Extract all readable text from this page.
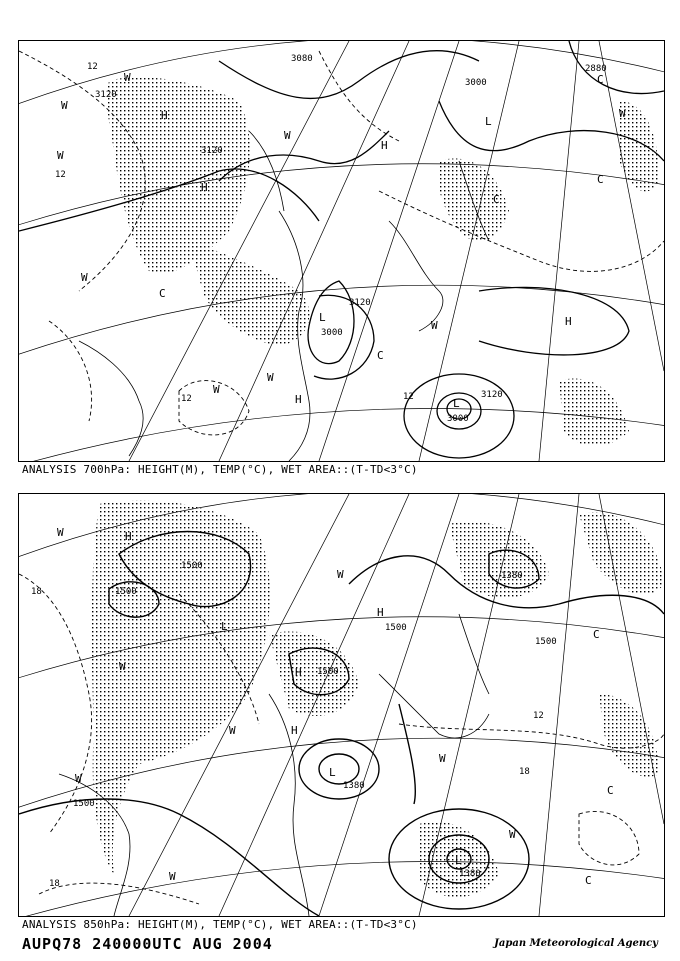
W
H
W
W
W
W
H
L
H
W
C
W
L
W
C
H
W
C
C
C
H	L
3000
3000
2880
3120
3120
3120
3080
3000
3120
12
12
12	12
ANALYSIS 700hPa: HEIGHT(M), TEMP(°C), WET AREA::(T-TD<3°C)
H
W
W
W
W
H
L
W
L
H
W
W
L
C
C
C
H
W
1500
1500
1500
1500
1500
1500
1380
1380
1380
18
18
18
12
ANALYSIS 850hPa: HEIGHT(M), TEMP(°C), WET AREA::(T-TD<3°C)
AUPQ78 240000UTC AUG 2004	Japan Meteorological Agency
